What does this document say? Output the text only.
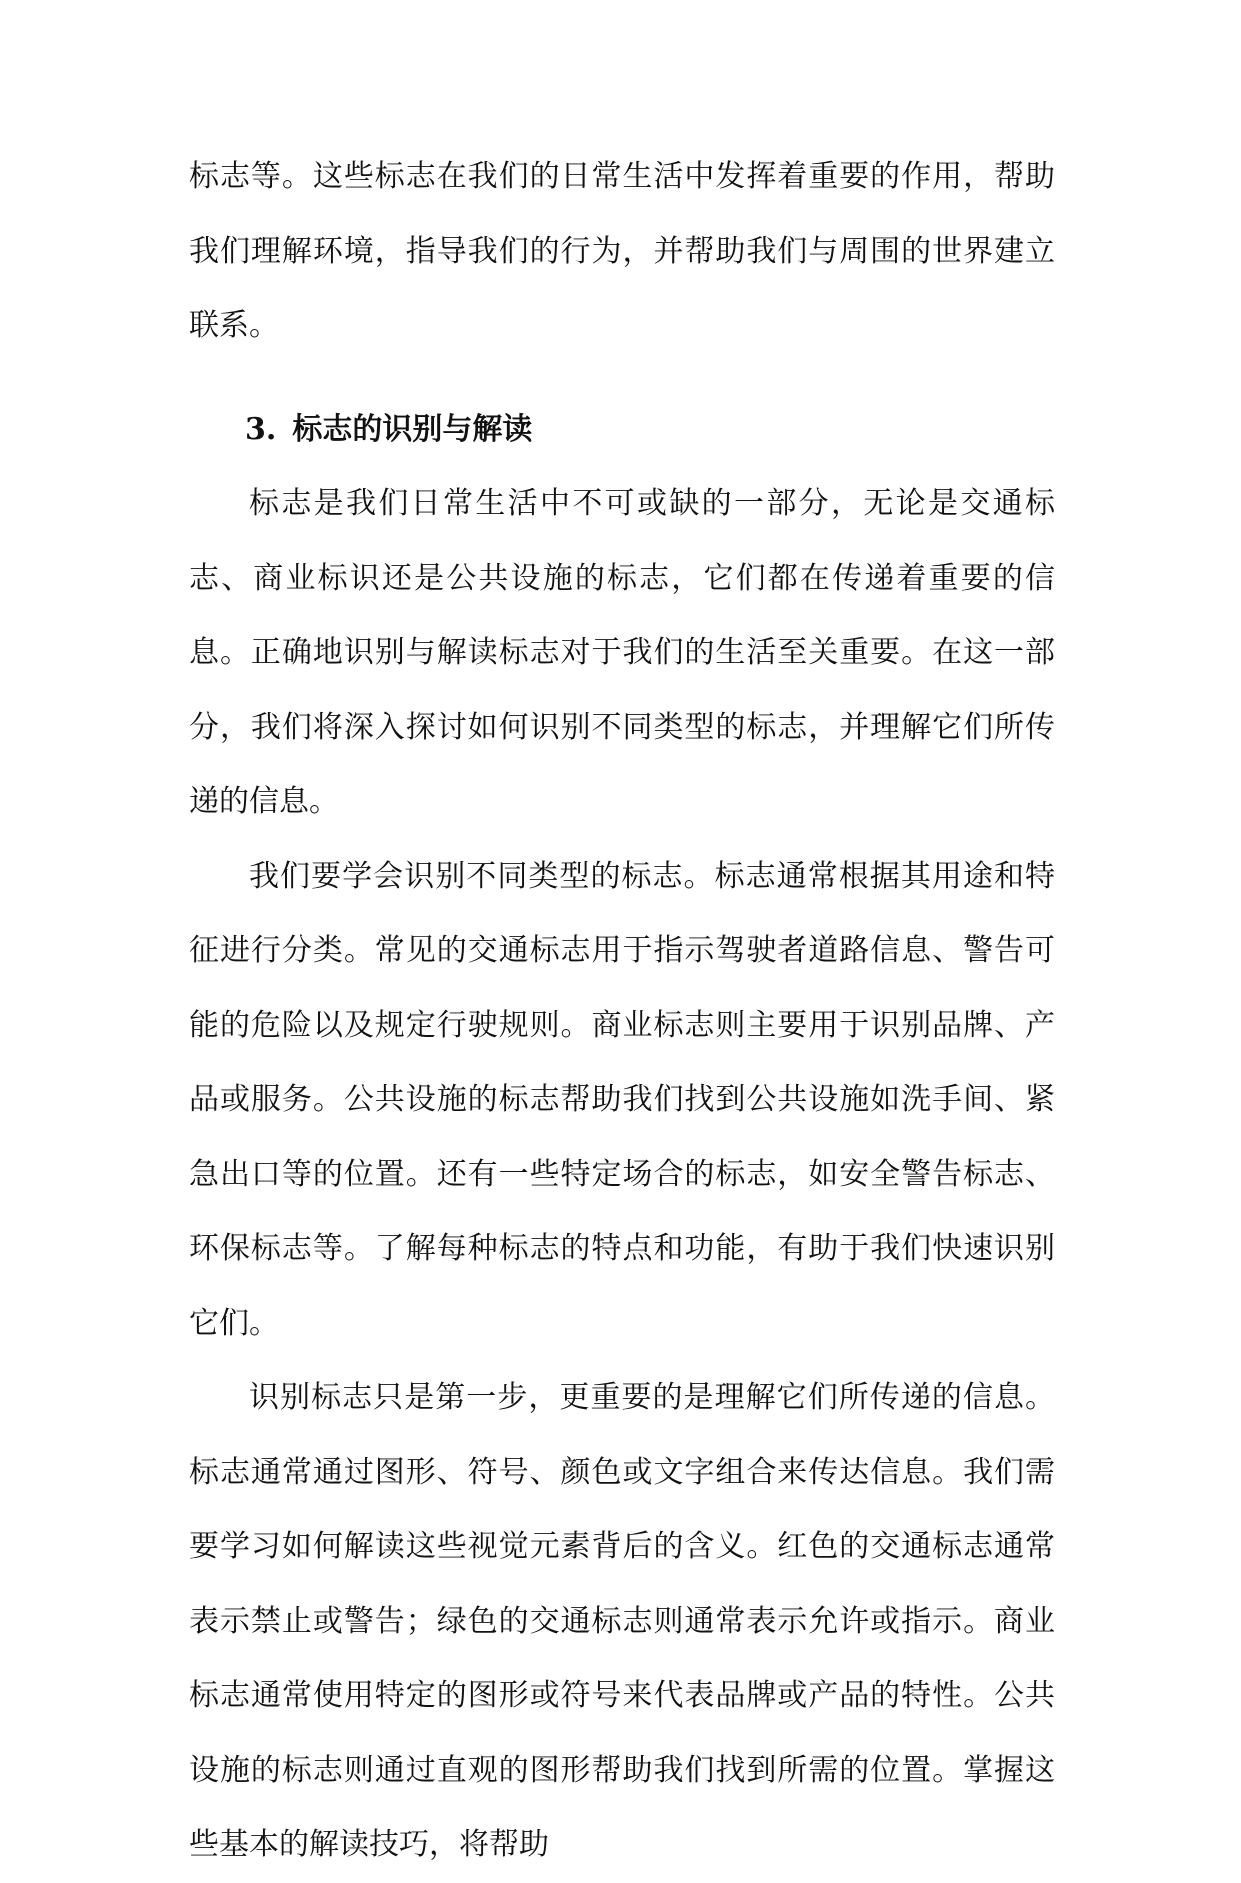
标志等。这些标志在我们的日常生活中发挥着重要的作用，帮助我们理解环境，指导我们的行为，并帮助我们与周围的世界建立联系。

3. 标志的识别与解读

标志是我们日常生活中不可或缺的一部分，无论是交通标志、商业标识还是公共设施的标志，它们都在传递着重要的信息。正确地识别与解读标志对于我们的生活至关重要。在这一部分，我们将深入探讨如何识别不同类型的标志，并理解它们所传递的信息。

我们要学会识别不同类型的标志。标志通常根据其用途和特征进行分类。常见的交通标志用于指示驾驶者道路信息、警告可能的危险以及规定行驶规则。商业标志则主要用于识别品牌、产品或服务。公共设施的标志帮助我们找到公共设施如洗手间、紧急出口等的位置。还有一些特定场合的标志，如安全警告标志、环保标志等。了解每种标志的特点和功能，有助于我们快速识别它们。

识别标志只是第一步，更重要的是理解它们所传递的信息。标志通常通过图形、符号、颜色或文字组合来传达信息。我们需要学习如何解读这些视觉元素背后的含义。红色的交通标志通常表示禁止或警告；绿色的交通标志则通常表示允许或指示。商业标志通常使用特定的图形或符号来代表品牌或产品的特性。公共设施的标志则通过直观的图形帮助我们找到所需的位置。掌握这些基本的解读技巧，将帮助
